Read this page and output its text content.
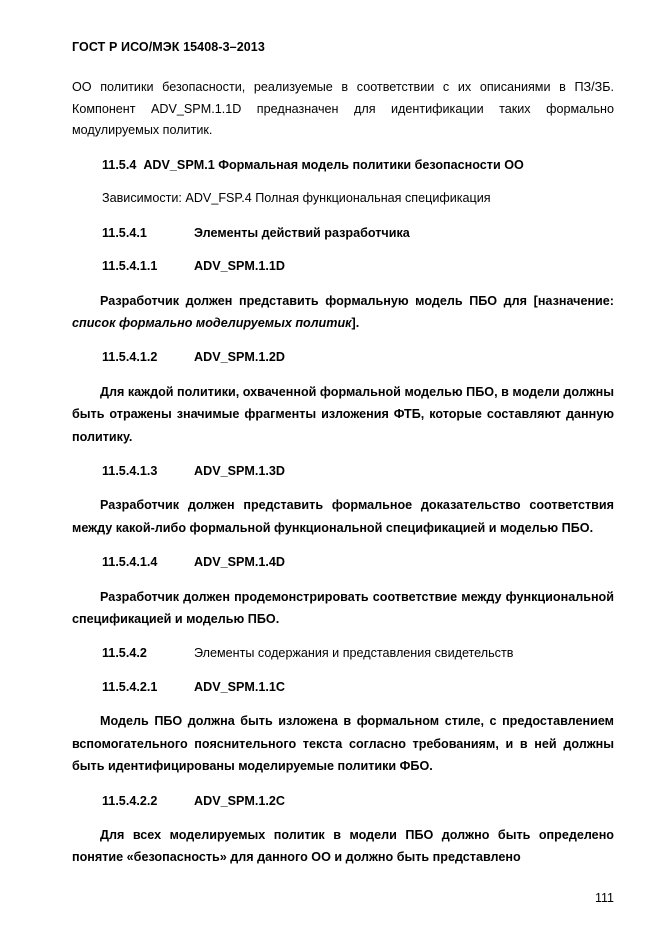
ГОСТ Р ИСО/МЭК 15408-3–2013

ОО политики безопасности, реализуемые в соответствии с их описаниями в ПЗ/ЗБ. Компонент ADV_SPM.1.1D предназначен для идентификации таких формально модулируемых политик.

11.5.4 ADV_SPM.1 Формальная модель политики безопасности ОО
Зависимости: ADV_FSP.4 Полная функциональная спецификация
11.5.4.1	Элементы действий разработчика
11.5.4.1.1	ADV_SPM.1.1D

Разработчик должен представить формальную модель ПБО для [назначение: список формально моделируемых политик].

11.5.4.1.2	ADV_SPM.1.2D

Для каждой политики, охваченной формальной моделью ПБО, в модели должны быть отражены значимые фрагменты изложения ФТБ, которые составляют данную политику.

11.5.4.1.3	ADV_SPM.1.3D

Разработчик должен представить формальное доказательство соответствия между какой-либо формальной функциональной спецификацией и моделью ПБО.

11.5.4.1.4	ADV_SPM.1.4D

Разработчик должен продемонстрировать соответствие между функциональной спецификацией и моделью ПБО.

11.5.4.2	Элементы содержания и представления свидетельств
11.5.4.2.1	ADV_SPM.1.1C

Модель ПБО должна быть изложена в формальном стиле, с предоставлением вспомогательного пояснительного текста согласно требованиям, и в ней должны быть идентифицированы моделируемые политики ФБО.

11.5.4.2.2	ADV_SPM.1.2C

Для всех моделируемых политик в модели ПБО должно быть определено понятие «безопасность» для данного ОО и должно быть представлено

111
